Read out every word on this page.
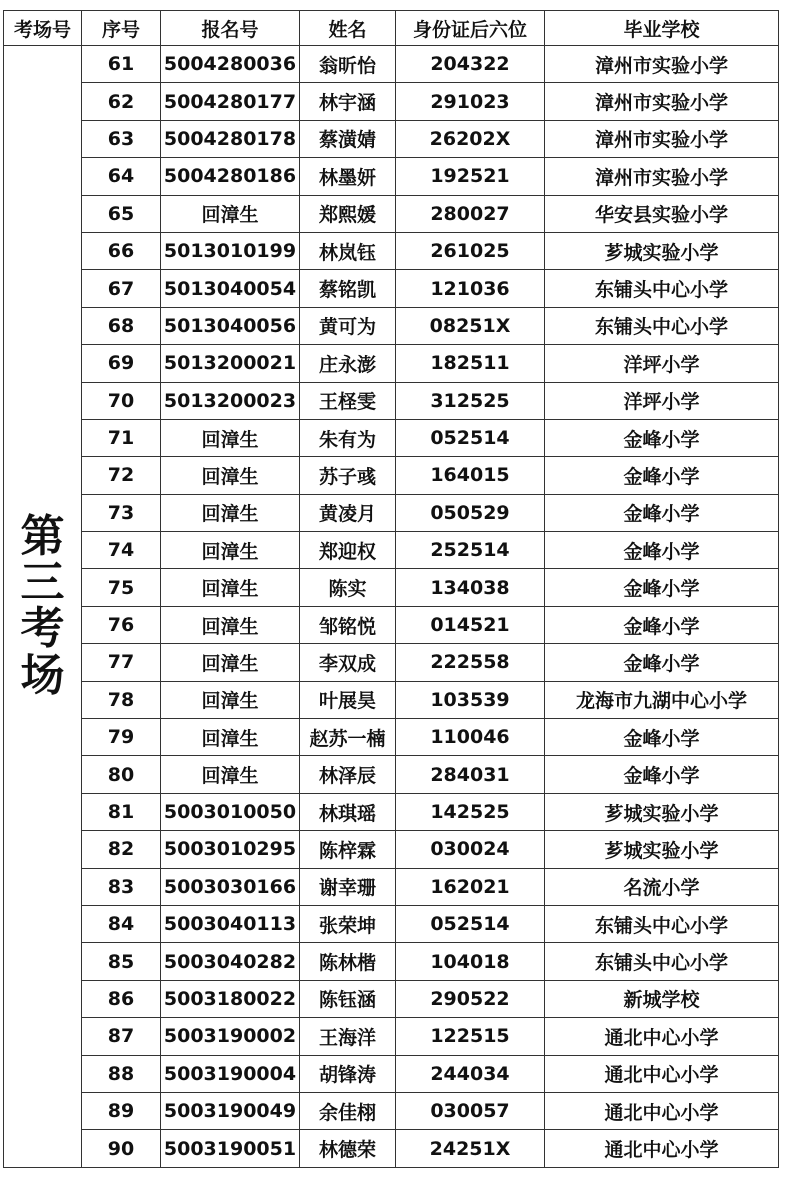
考场号	序号	报名号	姓名	身份证后六位	毕业学校

第
三
考
场	61	5004280036	翁昕怡	204322	漳州市实验小学
	62	5004280177	林宇涵	291023	漳州市实验小学
	63	5004280178	蔡潢婧	26202X	漳州市实验小学
	64	5004280186	林墨妍	192521	漳州市实验小学
	65	回漳生	郑熙媛	280027	华安县实验小学
	66	5013010199	林岚钰	261025	芗城实验小学
	67	5013040054	蔡铭凯	121036	东铺头中心小学
	68	5013040056	黄可为	08251X	东铺头中心小学
	69	5013200021	庄永澎	182511	洋坪小学
	70	5013200023	王柽雯	312525	洋坪小学
	71	回漳生	朱有为	052514	金峰小学
	72	回漳生	苏子彧	164015	金峰小学
	73	回漳生	黄凌月	050529	金峰小学
	74	回漳生	郑迎权	252514	金峰小学
	75	回漳生	陈实	134038	金峰小学
	76	回漳生	邹铭悦	014521	金峰小学
	77	回漳生	李双成	222558	金峰小学
	78	回漳生	叶展昊	103539	龙海市九湖中心小学
	79	回漳生	赵苏一楠	110046	金峰小学
	80	回漳生	林泽辰	284031	金峰小学
	81	5003010050	林琪瑶	142525	芗城实验小学
	82	5003010295	陈梓霖	030024	芗城实验小学
	83	5003030166	谢幸珊	162021	名流小学
	84	5003040113	张荣坤	052514	东铺头中心小学
	85	5003040282	陈林楷	104018	东铺头中心小学
	86	5003180022	陈钰涵	290522	新城学校
	87	5003190002	王海洋	122515	通北中心小学
	88	5003190004	胡锋涛	244034	通北中心小学
	89	5003190049	余佳栩	030057	通北中心小学
	90	5003190051	林德荣	24251X	通北中心小学
